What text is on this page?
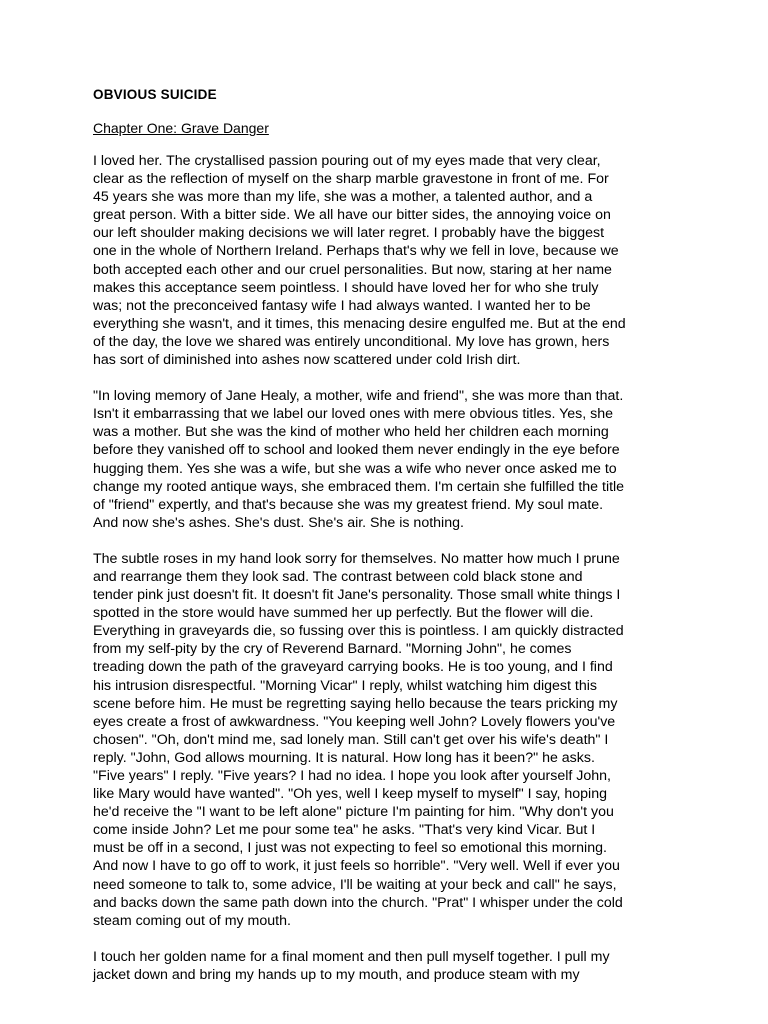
OBVIOUS SUICIDE
Chapter One: Grave Danger
I loved her. The crystallised passion pouring out of my eyes made that very clear,
clear as the reflection of myself on the sharp marble gravestone in front of me. For
45 years she was more than my life, she was a mother, a talented author, and a
great person. With a bitter side. We all have our bitter sides, the annoying voice on
our left shoulder making decisions we will later regret. I probably have the biggest
one in the whole of Northern Ireland. Perhaps that's why we fell in love, because we
both accepted each other and our cruel personalities. But now, staring at her name
makes this acceptance seem pointless. I should have loved her for who she truly
was; not the preconceived fantasy wife I had always wanted. I wanted her to be
everything she wasn't, and it times, this menacing desire engulfed me. But at the end
of the day, the love we shared was entirely unconditional. My love has grown, hers
has sort of diminished into ashes now scattered under cold Irish dirt.
"In loving memory of Jane Healy, a mother, wife and friend", she was more than that.
Isn't it embarrassing that we label our loved ones with mere obvious titles. Yes, she
was a mother. But she was the kind of mother who held her children each morning
before they vanished off to school and looked them never endingly in the eye before
hugging them. Yes she was a wife, but she was a wife who never once asked me to
change my rooted antique ways, she embraced them. I'm certain she fulfilled the title
of "friend" expertly, and that's because she was my greatest friend. My soul mate.
And now she's ashes. She's dust. She's air. She is nothing.
The subtle roses in my hand look sorry for themselves. No matter how much I prune
and rearrange them they look sad. The contrast between cold black stone and
tender pink just doesn't fit. It doesn't fit Jane's personality. Those small white things I
spotted in the store would have summed her up perfectly. But the flower will die.
Everything in graveyards die, so fussing over this is pointless. I am quickly distracted
from my self-pity by the cry of Reverend Barnard. "Morning John", he comes
treading down the path of the graveyard carrying books. He is too young, and I find
his intrusion disrespectful. "Morning Vicar" I reply, whilst watching him digest this
scene before him. He must be regretting saying hello because the tears pricking my
eyes create a frost of awkwardness. "You keeping well John? Lovely flowers you've
chosen". "Oh, don't mind me, sad lonely man. Still can't get over his wife's death" I
reply. "John, God allows mourning. It is natural. How long has it been?" he asks.
"Five years" I reply. "Five years? I had no idea. I hope you look after yourself John,
like Mary would have wanted". "Oh yes, well I keep myself to myself" I say, hoping
he'd receive the "I want to be left alone" picture I'm painting for him. "Why don't you
come inside John? Let me pour some tea" he asks. "That's very kind Vicar. But I
must be off in a second, I just was not expecting to feel so emotional this morning.
And now I have to go off to work, it just feels so horrible". "Very well. Well if ever you
need someone to talk to, some advice, I'll be waiting at your beck and call" he says,
and backs down the same path down into the church. "Prat" I whisper under the cold
steam coming out of my mouth.
I touch her golden name for a final moment and then pull myself together. I pull my
jacket down and bring my hands up to my mouth, and produce steam with my
